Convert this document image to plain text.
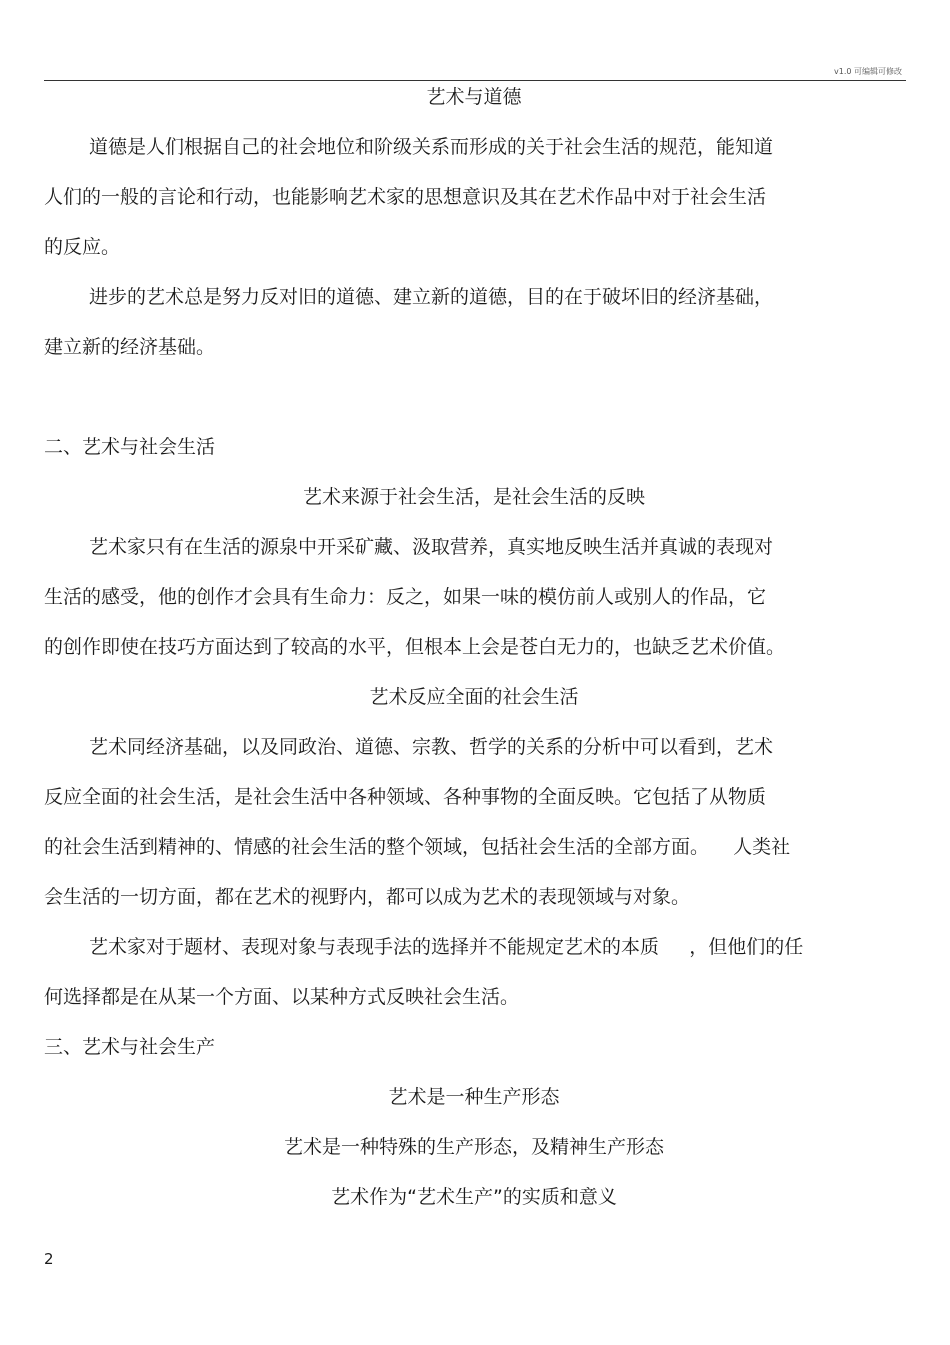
v1.0 可编辑可修改
艺术与道德
道德是人们根据自己的社会地位和阶级关系而形成的关于社会生活的规范，能知道
人们的一般的言论和行动，也能影响艺术家的思想意识及其在艺术作品中对于社会生活
的反应。
进步的艺术总是努力反对旧的道德、建立新的道德，目的在于破坏旧的经济基础，
建立新的经济基础。
二、艺术与社会生活
艺术来源于社会生活，是社会生活的反映
艺术家只有在生活的源泉中开采矿藏、汲取营养，真实地反映生活并真诚的表现对
生活的感受，他的创作才会具有生命力：反之，如果一味的模仿前人或别人的作品，它
的创作即使在技巧方面达到了较高的水平，但根本上会是苍白无力的，也缺乏艺术价值。
艺术反应全面的社会生活
艺术同经济基础，以及同政治、道德、宗教、哲学的关系的分析中可以看到，艺术
反应全面的社会生活，是社会生活中各种领域、各种事物的全面反映。它包括了从物质
的社会生活到精神的、情感的社会生活的整个领域，包括社会生活的全部方面。    人类社
会生活的一切方面，都在艺术的视野内，都可以成为艺术的表现领域与对象。
艺术家对于题材、表现对象与表现手法的选择并不能规定艺术的本质     ，但他们的任
何选择都是在从某一个方面、以某种方式反映社会生活。
三、艺术与社会生产
艺术是一种生产形态
艺术是一种特殊的生产形态，及精神生产形态
艺术作为“艺术生产”的实质和意义
2
